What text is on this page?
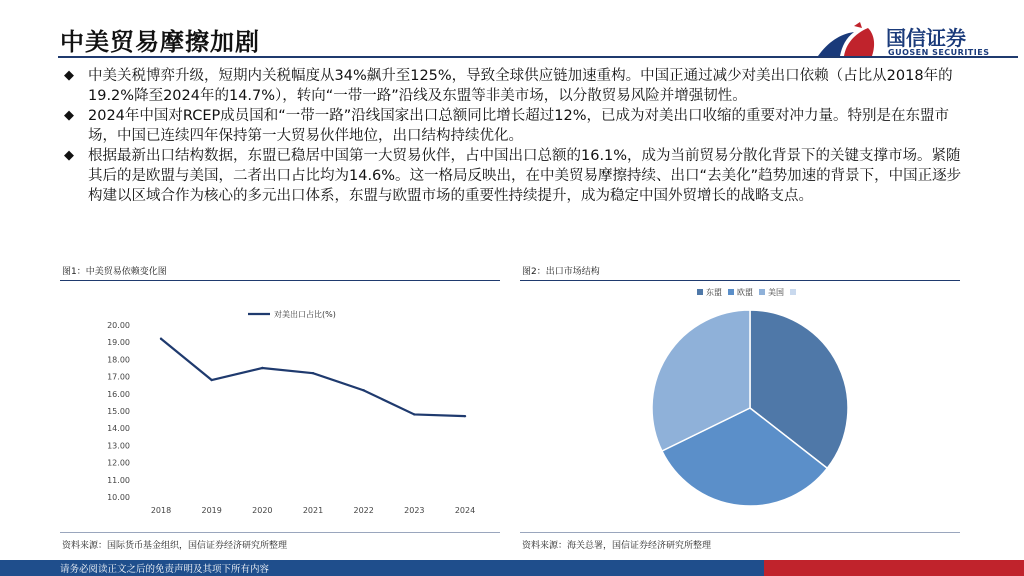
中美贸易摩擦加剧	国信证券
GUOSEN SECURITIES
◆ 中美关税博弈升级，短期内关税幅度从34%飙升至125%，导致全球供应链加速重构。中国正通过减少对美出口依赖（占比从2018年的19.2%降至2024年的14.7%），转向“一带一路”沿线及东盟等非美市场，以分散贸易风险并增强韧性。
◆ 2024年中国对RCEP成员国和“一带一路”沿线国家出口总额同比增长超过12%，已成为对美出口收缩的重要对冲力量。特别是在东盟市场，中国已连续四年保持第一大贸易伙伴地位，出口结构持续优化。
◆ 根据最新出口结构数据，东盟已稳居中国第一大贸易伙伴，占中国出口总额的16.1%，成为当前贸易分散化背景下的关键支撑市场。紧随其后的是欧盟与美国，二者出口占比均为14.6%。这一格局反映出，在中美贸易摩擦持续、出口“去美化”趋势加速的背景下，中国正逐步构建以区域合作为核心的多元出口体系，东盟与欧盟市场的重要性持续提升，成为稳定中国外贸增长的战略支点。
图1：中美贸易依赖变化图
20.00
19.00
18.00
17.00
16.00
15.00
14.00
13.00
12.00
11.00
10.00
2018	2019	2020	2021	2022	2023	2024
对美出口占比(%)
资料来源：国际货币基金组织，国信证券经济研究所整理
图2：出口市场结构
东盟 欧盟 美国
资料来源：海关总署，国信证券经济研究所整理
请务必阅读正文之后的免责声明及其项下所有内容
